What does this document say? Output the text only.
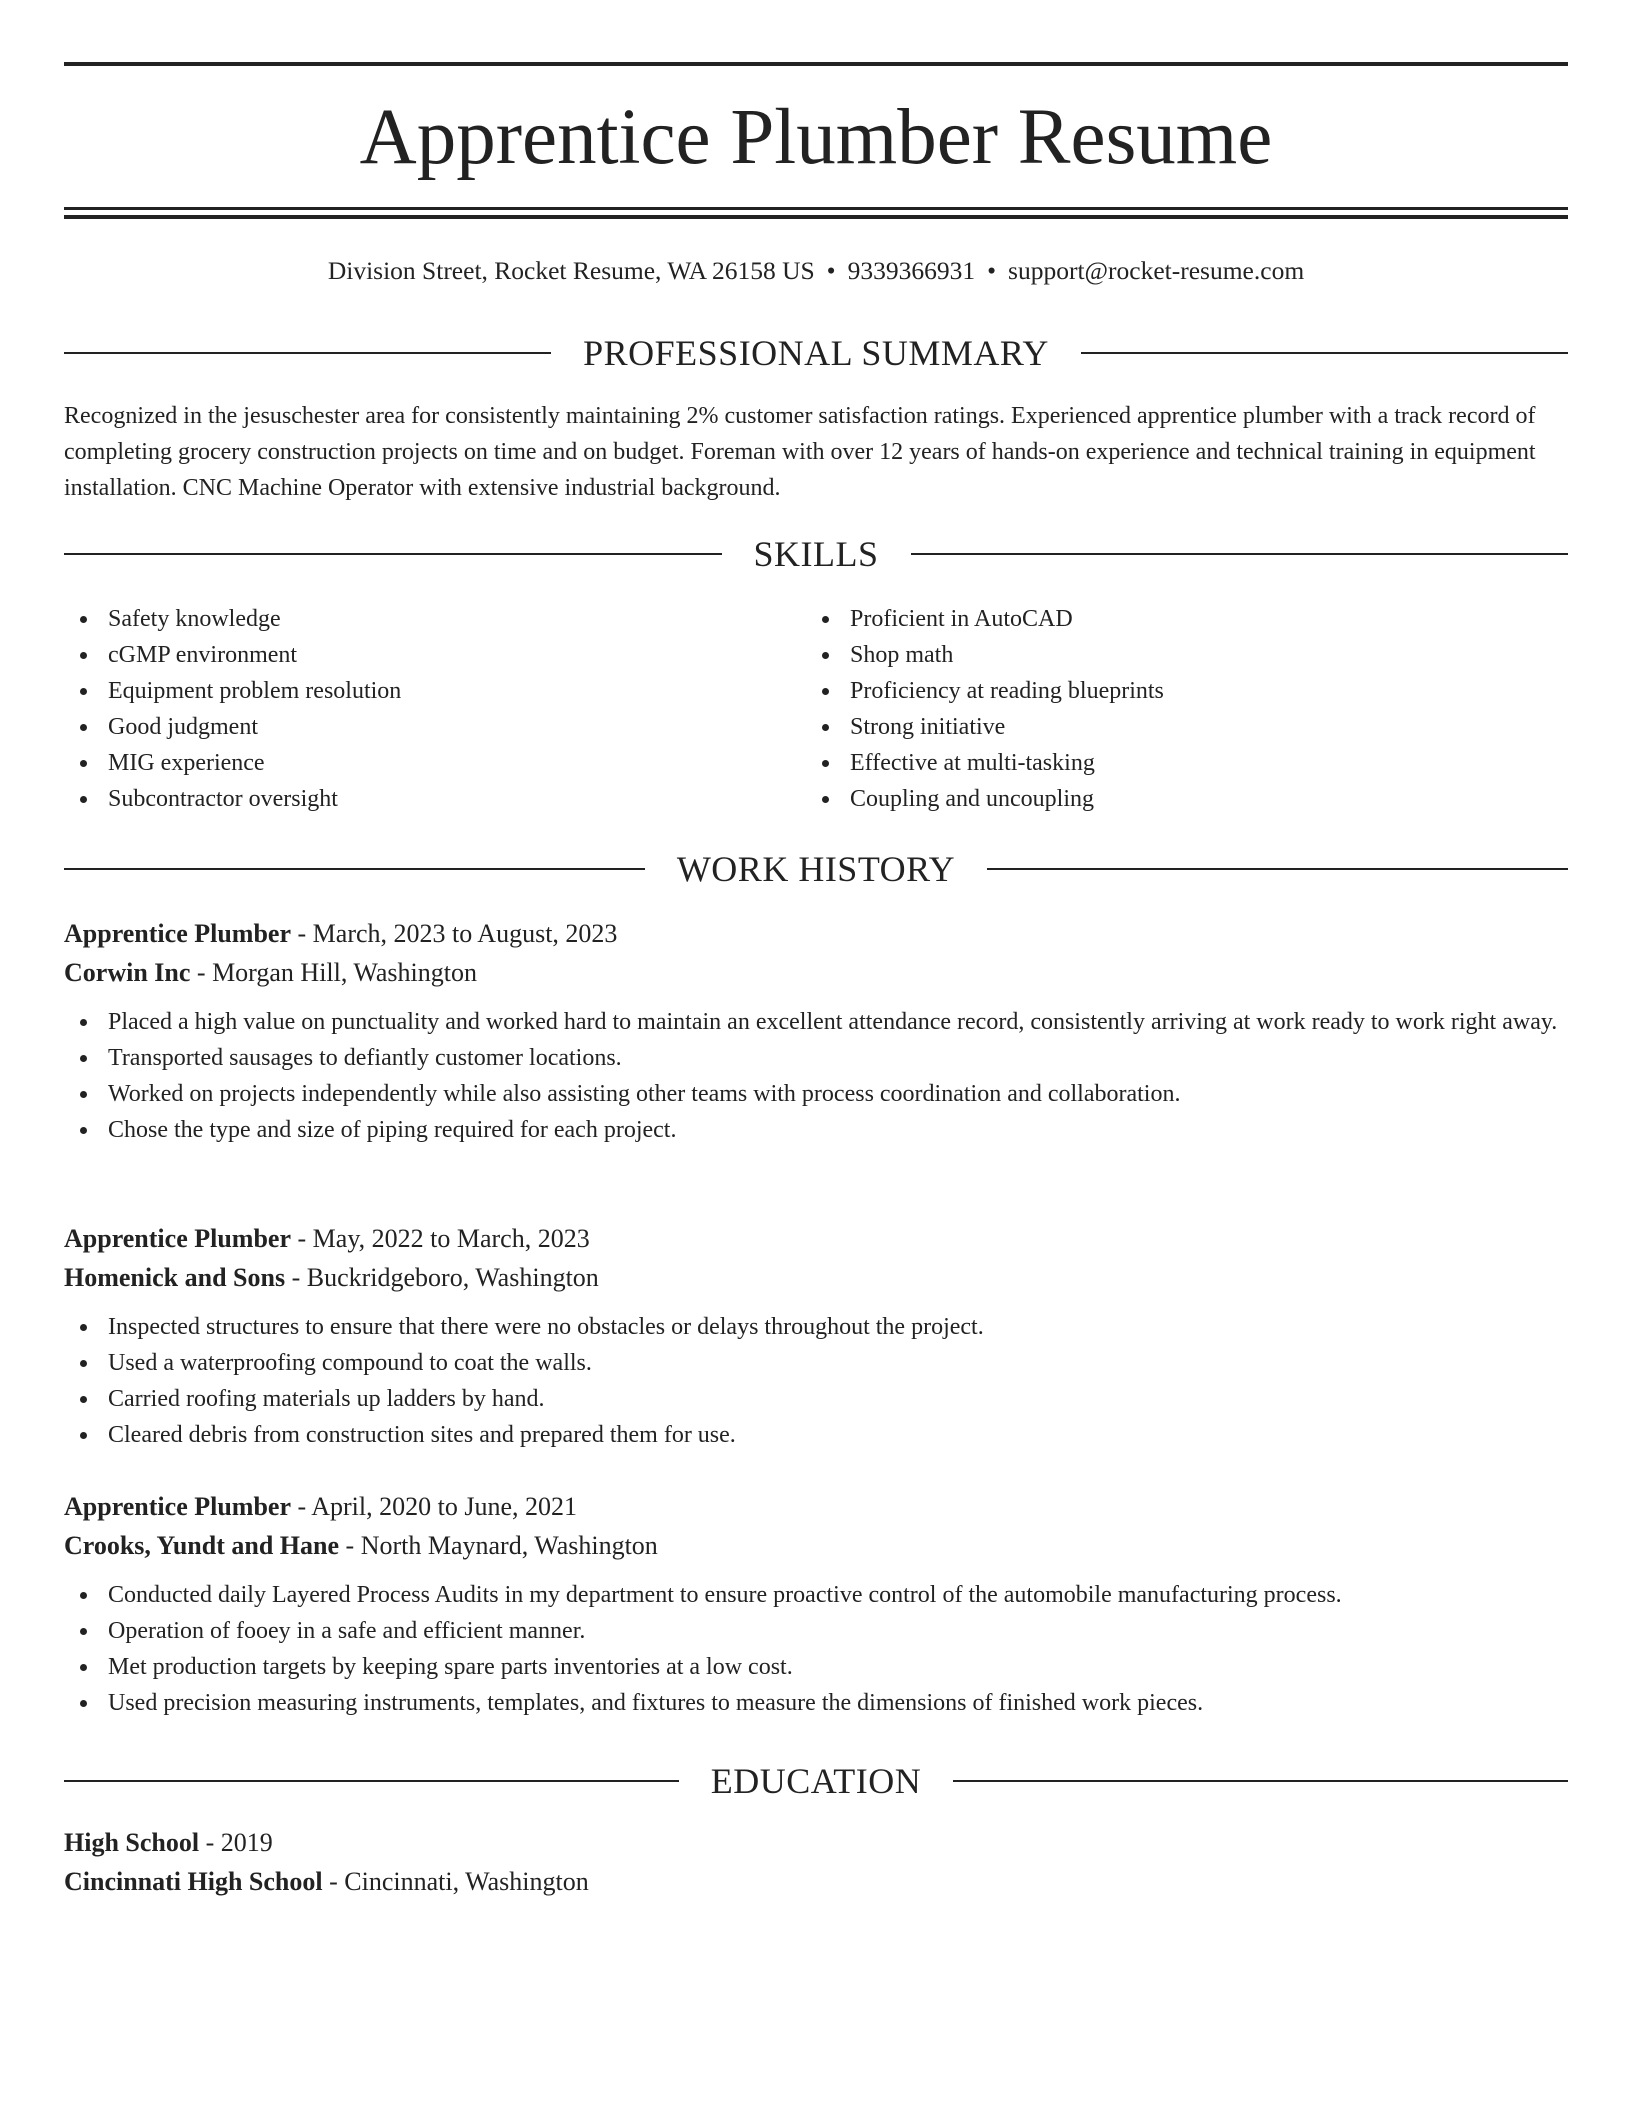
Apprentice Plumber Resume
Division Street, Rocket Resume, WA 26158 US • 9339366931 • support@rocket-resume.com
PROFESSIONAL SUMMARY

Recognized in the jesuschester area for consistently maintaining 2% customer satisfaction ratings. Experienced apprentice plumber with a track record of completing grocery construction projects on time and on budget. Foreman with over 12 years of hands-on experience and technical training in equipment installation. CNC Machine Operator with extensive industrial background.

SKILLS
Safety knowledge
cGMP environment
Equipment problem resolution
Good judgment
MIG experience
Subcontractor oversight
Proficient in AutoCAD
Shop math
Proficiency at reading blueprints
Strong initiative
Effective at multi-tasking
Coupling and uncoupling
WORK HISTORY
Apprentice Plumber - March, 2023 to August, 2023
Corwin Inc - Morgan Hill, Washington
Placed a high value on punctuality and worked hard to maintain an excellent attendance record, consistently arriving at work ready to work right away.
Transported sausages to defiantly customer locations.
Worked on projects independently while also assisting other teams with process coordination and collaboration.
Chose the type and size of piping required for each project.
Apprentice Plumber - May, 2022 to March, 2023
Homenick and Sons - Buckridgeboro, Washington
Inspected structures to ensure that there were no obstacles or delays throughout the project.
Used a waterproofing compound to coat the walls.
Carried roofing materials up ladders by hand.
Cleared debris from construction sites and prepared them for use.
Apprentice Plumber - April, 2020 to June, 2021
Crooks, Yundt and Hane - North Maynard, Washington
Conducted daily Layered Process Audits in my department to ensure proactive control of the automobile manufacturing process.
Operation of fooey in a safe and efficient manner.
Met production targets by keeping spare parts inventories at a low cost.
Used precision measuring instruments, templates, and fixtures to measure the dimensions of finished work pieces.
EDUCATION
High School - 2019
Cincinnati High School - Cincinnati, Washington
